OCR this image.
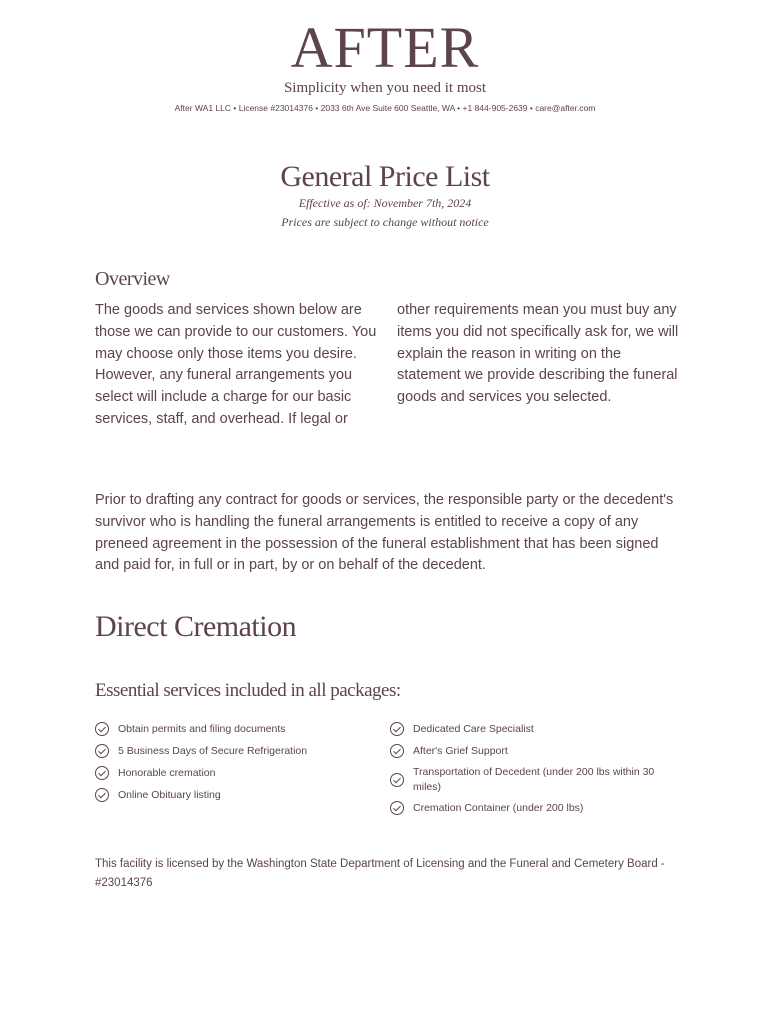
AFTER
Simplicity when you need it most
After WA1 LLC • License #23014376 • 2033 6th Ave Suite 600 Seattle, WA • +1 844-905-2639 • care@after.com
General Price List
Effective as of: November 7th, 2024
Prices are subject to change without notice
Overview
The goods and services shown below are those we can provide to our customers. You may choose only those items you desire. However, any funeral arrangements you select will include a charge for our basic services, staff, and overhead. If legal or other requirements mean you must buy any items you did not specifically ask for, we will explain the reason in writing on the statement we provide describing the funeral goods and services you selected.
Prior to drafting any contract for goods or services, the responsible party or the decedent's survivor who is handling the funeral arrangements is entitled to receive a copy of any preneed agreement in the possession of the funeral establishment that has been signed and paid for, in full or in part, by or on behalf of the decedent.
Direct Cremation
Essential services included in all packages:
Obtain permits and filing documents
5 Business Days of Secure Refrigeration
Honorable cremation
Online Obituary listing
Dedicated Care Specialist
After's Grief Support
Transportation of Decedent (under 200 lbs within 30 miles)
Cremation Container (under 200 lbs)
This facility is licensed by the Washington State Department of Licensing and the Funeral and Cemetery Board - #23014376
